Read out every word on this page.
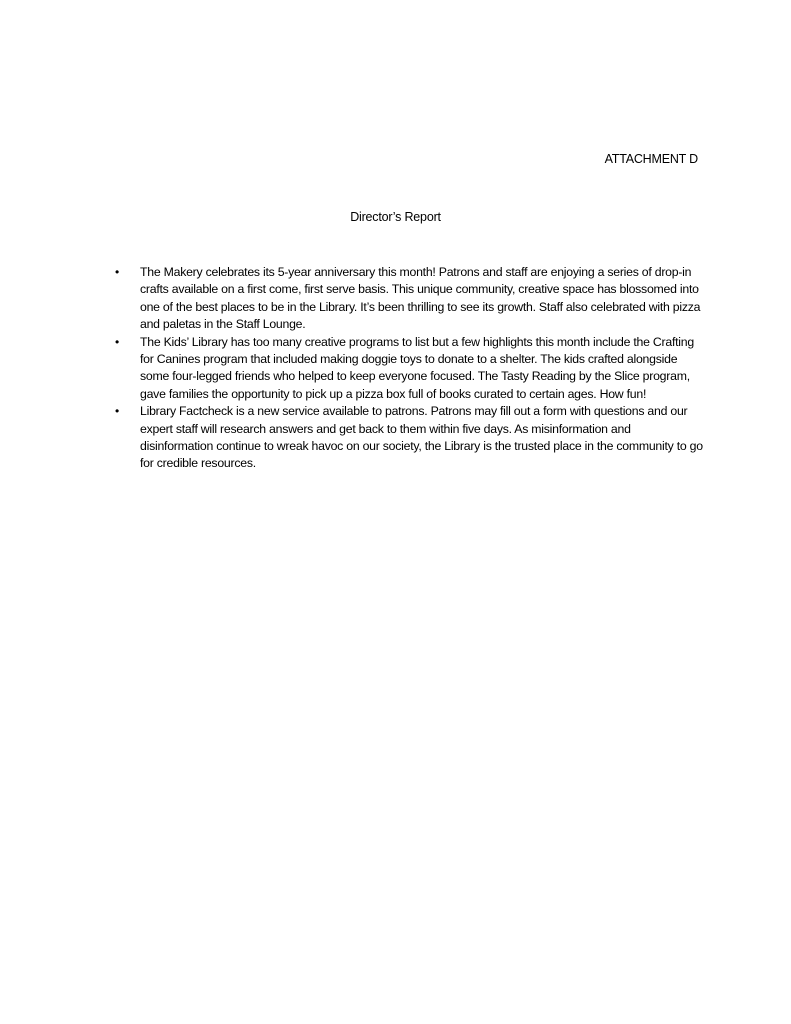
ATTACHMENT D
Director’s Report
• The Makery celebrates its 5-year anniversary this month! Patrons and staff are enjoying a series of drop-in crafts available on a first come, first serve basis. This unique community, creative space has blossomed into one of the best places to be in the Library. It’s been thrilling to see its growth. Staff also celebrated with pizza and paletas in the Staff Lounge.
• The Kids’ Library has too many creative programs to list but a few highlights this month include the Crafting for Canines program that included making doggie toys to donate to a shelter. The kids crafted alongside some four-legged friends who helped to keep everyone focused. The Tasty Reading by the Slice program, gave families the opportunity to pick up a pizza box full of books curated to certain ages. How fun!
• Library Factcheck is a new service available to patrons. Patrons may fill out a form with questions and our expert staff will research answers and get back to them within five days. As misinformation and disinformation continue to wreak havoc on our society, the Library is the trusted place in the community to go for credible resources.
